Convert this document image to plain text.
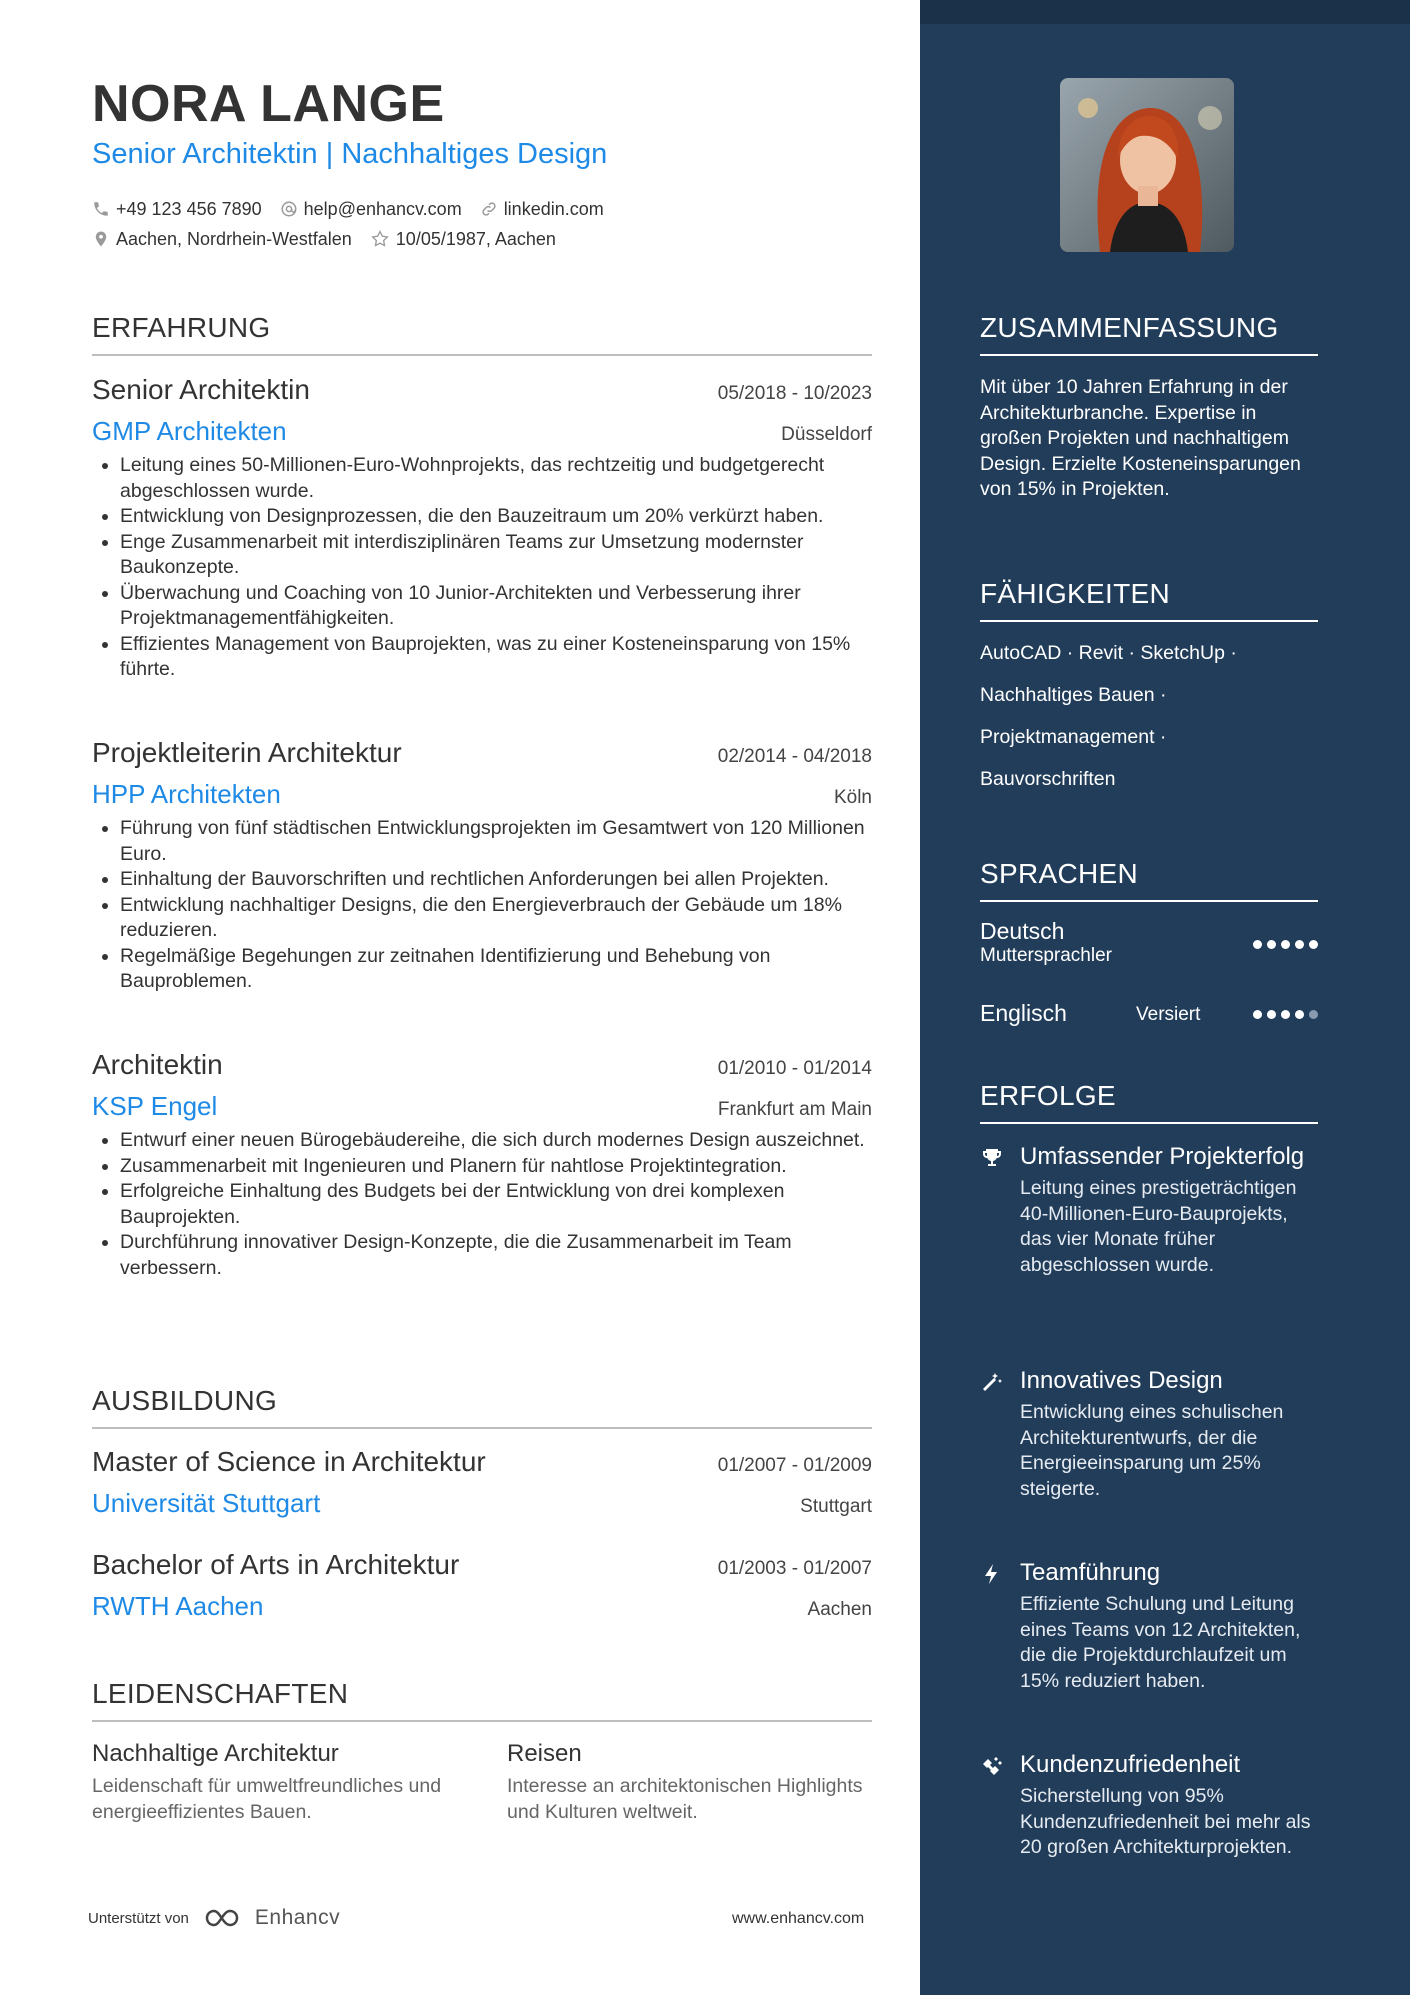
NORA LANGE
Senior Architektin | Nachhaltiges Design
+49 123 456 7890 help@enhancv.com linkedin.com
Aachen, Nordrhein-Westfalen 10/05/1987, Aachen
ERFAHRUNG
Senior Architektin	05/2018 - 10/2023
GMP Architekten	Düsseldorf
• Leitung eines 50-Millionen-Euro-Wohnprojekts, das rechtzeitig und budgetgerecht abgeschlossen wurde.
• Entwicklung von Designprozessen, die den Bauzeitraum um 20% verkürzt haben.
• Enge Zusammenarbeit mit interdisziplinären Teams zur Umsetzung modernster Baukonzepte.
• Überwachung und Coaching von 10 Junior-Architekten und Verbesserung ihrer Projektmanagementfähigkeiten.
• Effizientes Management von Bauprojekten, was zu einer Kosteneinsparung von 15% führte.
Projektleiterin Architektur	02/2014 - 04/2018
HPP Architekten	Köln
• Führung von fünf städtischen Entwicklungsprojekten im Gesamtwert von 120 Millionen Euro.
• Einhaltung der Bauvorschriften und rechtlichen Anforderungen bei allen Projekten.
• Entwicklung nachhaltiger Designs, die den Energieverbrauch der Gebäude um 18% reduzieren.
• Regelmäßige Begehungen zur zeitnahen Identifizierung und Behebung von Bauproblemen.
Architektin	01/2010 - 01/2014
KSP Engel	Frankfurt am Main
• Entwurf einer neuen Bürogebäudereihe, die sich durch modernes Design auszeichnet.
• Zusammenarbeit mit Ingenieuren und Planern für nahtlose Projektintegration.
• Erfolgreiche Einhaltung des Budgets bei der Entwicklung von drei komplexen Bauprojekten.
• Durchführung innovativer Design-Konzepte, die die Zusammenarbeit im Team verbessern.
AUSBILDUNG
Master of Science in Architektur	01/2007 - 01/2009
Universität Stuttgart	Stuttgart
Bachelor of Arts in Architektur	01/2003 - 01/2007
RWTH Aachen	Aachen
LEIDENSCHAFTEN
Nachhaltige Architektur
Leidenschaft für umweltfreundliches und energieeffizientes Bauen.
Reisen
Interesse an architektonischen Highlights und Kulturen weltweit.
Unterstützt von	Enhancv	www.enhancv.com
ZUSAMMENFASSUNG
Mit über 10 Jahren Erfahrung in der Architekturbranche. Expertise in großen Projekten und nachhaltigem Design. Erzielte Kosteneinsparungen von 15% in Projekten.
FÄHIGKEITEN
AutoCAD · Revit · SketchUp ·
Nachhaltiges Bauen ·
Projektmanagement ·
Bauvorschriften
SPRACHEN
Deutsch
Muttersprachler
Englisch	Versiert
ERFOLGE
Umfassender Projekterfolg
Leitung eines prestigeträchtigen 40-Millionen-Euro-Bauprojekts, das vier Monate früher abgeschlossen wurde.
Innovatives Design
Entwicklung eines schulischen Architekturentwurfs, der die Energieeinsparung um 25% steigerte.
Teamführung
Effiziente Schulung und Leitung eines Teams von 12 Architekten, die die Projektdurchlaufzeit um 15% reduziert haben.
Kundenzufriedenheit
Sicherstellung von 95% Kundenzufriedenheit bei mehr als 20 großen Architekturprojekten.
